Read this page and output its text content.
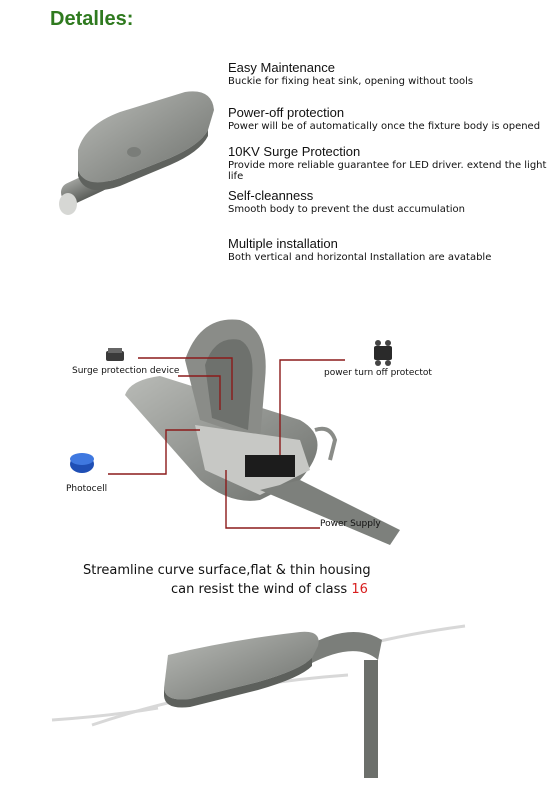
Detalles:
Easy Maintenance
Buckie for fixing heat sink, opening without tools
Power-off protection
Power will be of automatically once the fixture body is opened
10KV Surge Protection
Provide more reliable guarantee for LED driver. extend the light life
Self-cleanness
Smooth body to prevent the dust accumulation
Multiple installation
Both vertical and horizontal Installation are avatable
Surge protection device	power turn off protectot
Photocell
Power Supply
Streamline curve surface,flat & thin housing
can resist the wind of class 16
